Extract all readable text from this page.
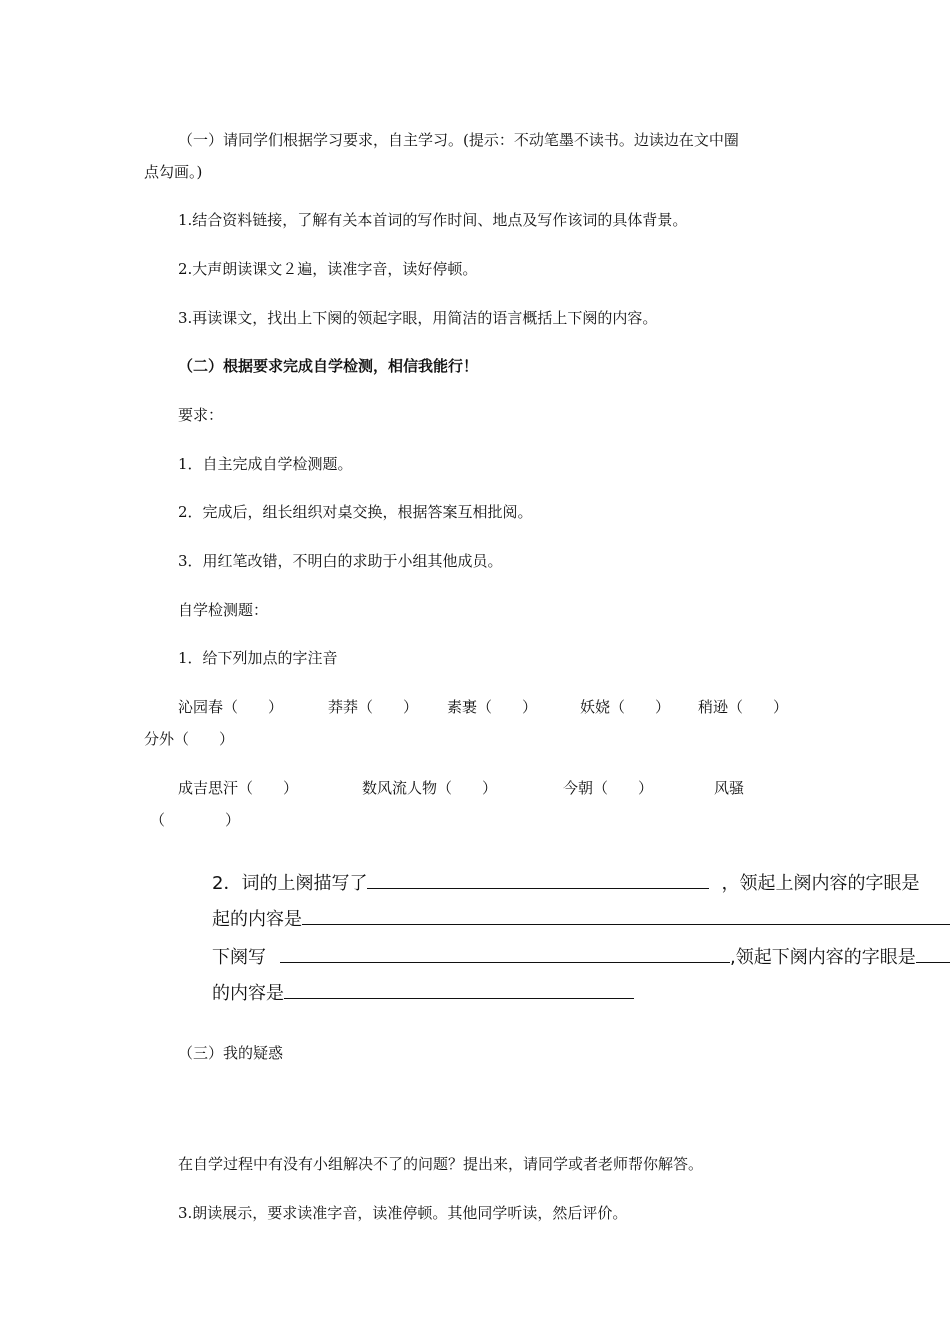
（一）请同学们根据学习要求，自主学习。(提示：不动笔墨不读书。边读边在文中圈
点勾画。)
1.结合资料链接，了解有关本首词的写作时间、地点及写作该词的具体背景。
2.大声朗读课文２遍，读准字音，读好停顿。
3.再读课文，找出上下阕的领起字眼，用简洁的语言概括上下阕的内容。
（二）根据要求完成自学检测，相信我能行！
要求：
1．自主完成自学检测题。
2．完成后，组长组织对桌交换，根据答案互相批阅。
3．用红笔改错，不明白的求助于小组其他成员。
自学检测题：
1．给下列加点的字注音
沁园春（　　）	莽莽（　　） 素裹（　　）	妖娆（　　） 稍逊（　　）
分外（　　）
成吉思汗（　　）	数风流人物（　　）	今朝（　　）	风骚
（　　　　）
2．词的上阕描写了	，领起上阕内容的字眼是
起的内容是
下阕写	,领起下阕内容的字眼是
的内容是
（三）我的疑惑
在自学过程中有没有小组解决不了的问题？提出来，请同学或者老师帮你解答。
3.朗读展示，要求读准字音，读准停顿。其他同学听读，然后评价。
